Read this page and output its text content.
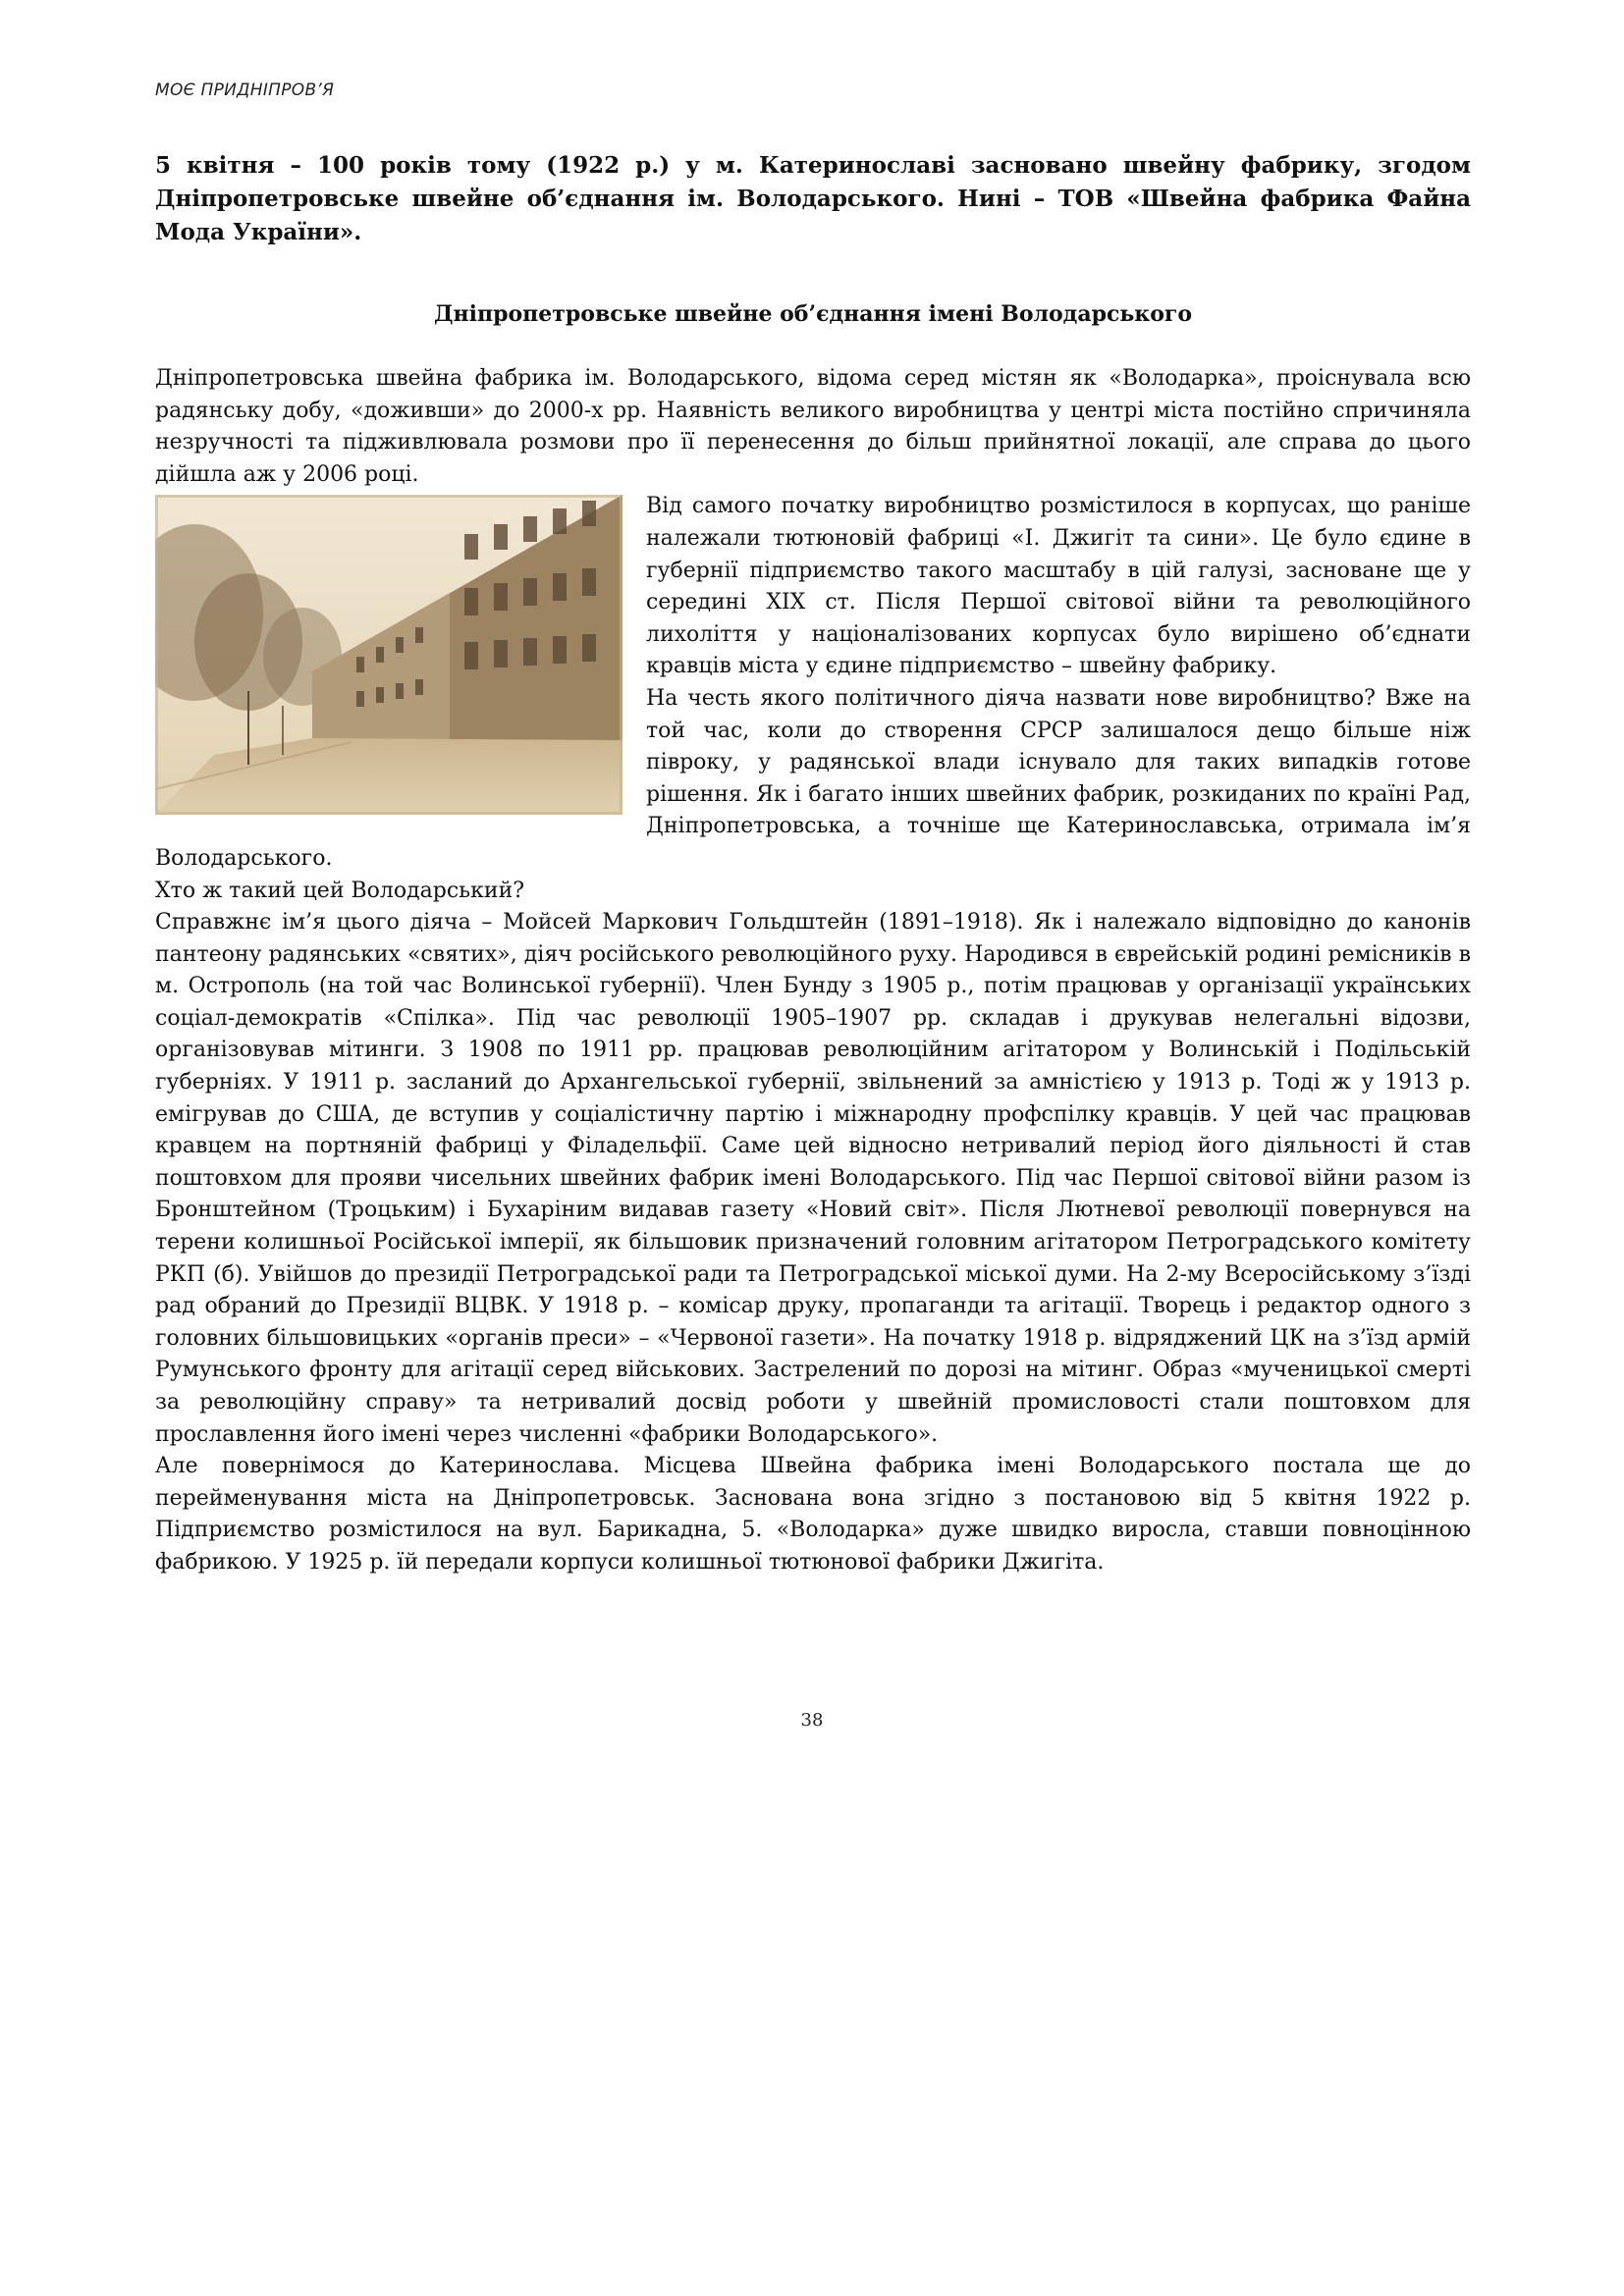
МОЄ ПРИДНІПРОВ’Я

5 квітня – 100 років тому (1922 р.) у м. Катеринославі засновано швейну фабрику, згодом Дніпропетровське швейне об’єднання ім. Володарського. Нині – ТОВ «Швейна фабрика Файна Мода України».

Дніпропетровське швейне об’єднання імені Володарського

Дніпропетровська швейна фабрика ім. Володарського, відома серед містян як «Володарка», проіснувала всю радянську добу, «доживши» до 2000-х рр. Наявність великого виробництва у центрі міста постійно спричиняла незручності та підживлювала розмови про її перенесення до більш прийнятної локації, але справа до цього дійшла аж у 2006 році.

Від самого початку виробництво розмістилося в корпусах, що раніше належали тютюновій фабриці «І. Джигіт та сини». Це було єдине в губернії підприємство такого масштабу в цій галузі, засноване ще у середині ХІХ ст. Після Першої світової війни та революційного лихоліття у націоналізованих корпусах було вирішено об’єднати кравців міста у єдине підприємство – швейну фабрику.

На честь якого політичного діяча назвати нове виробництво? Вже на той час, коли до створення СРСР залишалося дещо більше ніж півроку, у радянської влади існувало для таких випадків готове рішення. Як і багато інших швейних фабрик, розкиданих по країні Рад, Дніпропетровська, а точніше ще Катеринославська, отримала ім’я Володарського.

Хто ж такий цей Володарський?

Справжнє ім’я цього діяча – Мойсей Маркович Гольдштейн (1891–1918). Як і належало відповідно до канонів пантеону радянських «святих», діяч російського революційного руху. Народився в єврейській родині ремісників в м. Острополь (на той час Волинської губернії). Член Бунду з 1905 р., потім працював у організації українських соціал-демократів «Спілка». Під час революції 1905–1907 рр. складав і друкував нелегальні відозви, організовував мітинги. З 1908 по 1911 рр. працював революційним агітатором у Волинській і Подільській губерніях. У 1911 р. засланий до Архангельської губернії, звільнений за амністією у 1913 р. Тоді ж у 1913 р. емігрував до США, де вступив у соціалістичну партію і міжнародну профспілку кравців. У цей час працював кравцем на портняній фабриці у Філадельфії. Саме цей відносно нетривалий період його діяльності й став поштовхом для прояви чисельних швейних фабрик імені Володарського. Під час Першої світової війни разом із Бронштейном (Троцьким) і Бухаріним видавав газету «Новий світ». Після Лютневої революції повернувся на терени колишньої Російської імперії, як більшовик призначений головним агітатором Петроградського комітету РКП (б). Увійшов до президії Петроградської ради та Петроградської міської думи. На 2-му Всеросійському з’їзді рад обраний до Президії ВЦВК. У 1918 р. – комісар друку, пропаганди та агітації. Творець і редактор одного з головних більшовицьких «органів преси» – «Червоної газети». На початку 1918 р. відряджений ЦК на з’їзд армій Румунського фронту для агітації серед військових. Застрелений по дорозі на мітинг. Образ «мученицької смерті за революційну справу» та нетривалий досвід роботи у швейній промисловості стали поштовхом для прославлення його імені через численні «фабрики Володарського».

Але повернімося до Катеринослава. Місцева Швейна фабрика імені Володарського постала ще до перейменування міста на Дніпропетровськ. Заснована вона згідно з постановою від 5 квітня 1922 р. Підприємство розмістилося на вул. Барикадна, 5. «Володарка» дуже швидко виросла, ставши повноцінною фабрикою. У 1925 р. їй передали корпуси колишньої тютюнової фабрики Джигіта.

38
